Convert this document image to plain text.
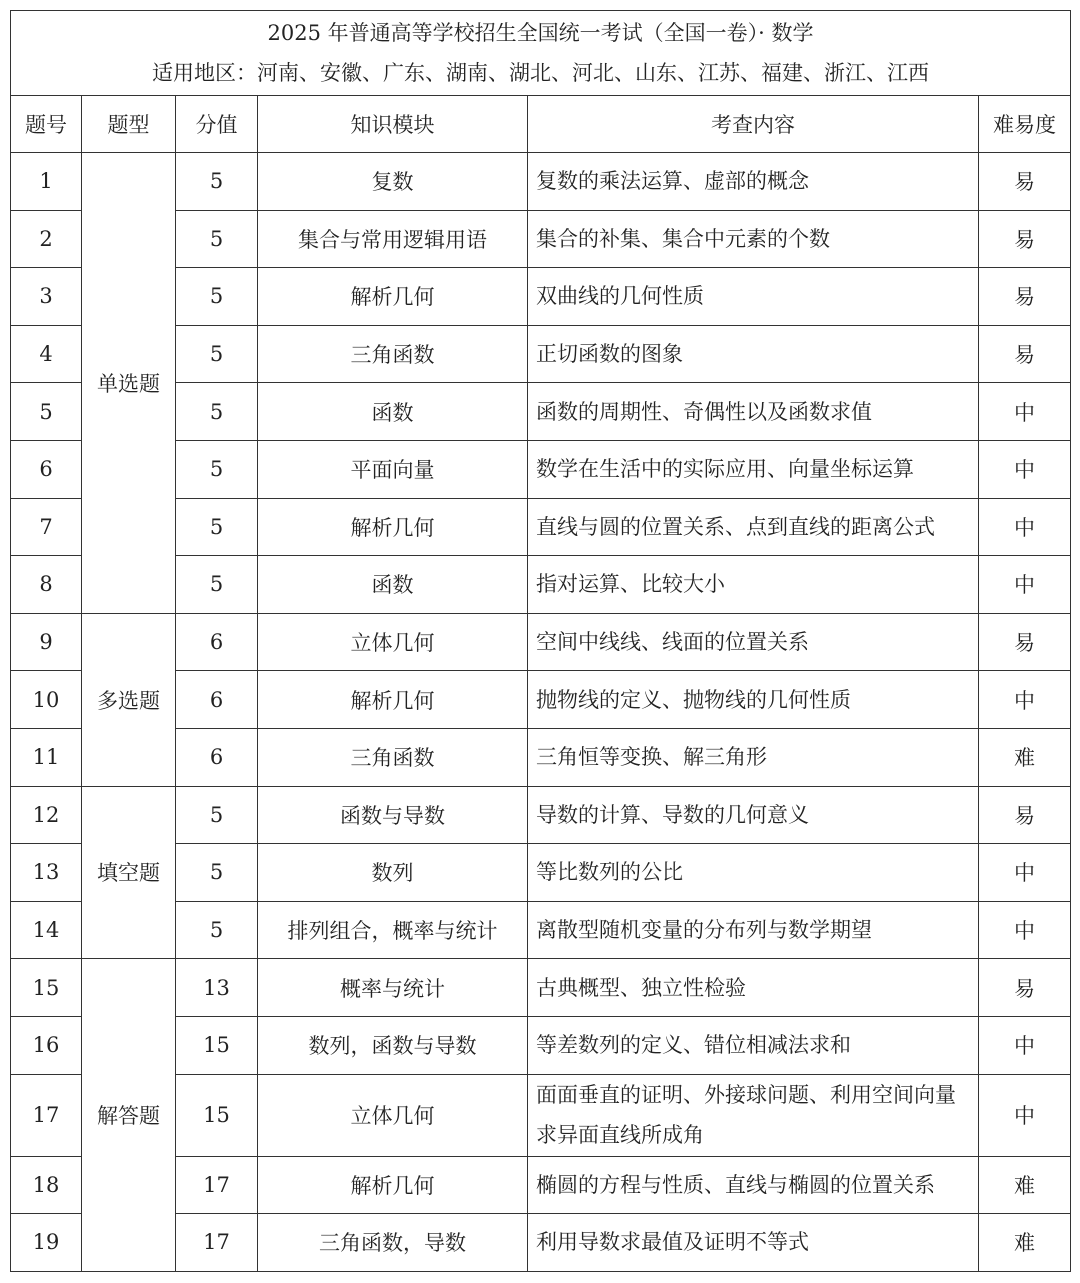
2025 年普通高等学校招生全国统一考试（全国一卷）· 数学
适用地区：河南、安徽、广东、湖南、湖北、河北、山东、江苏、福建、浙江、江西					

题号	题型	分值	知识模块	考查内容	难易度
1	单选题	5	复数	复数的乘法运算、虚部的概念	易
2		5	集合与常用逻辑用语	集合的补集、集合中元素的个数	易
3		5	解析几何	双曲线的几何性质	易
4		5	三角函数	正切函数的图象	易
5		5	函数	函数的周期性、奇偶性以及函数求值	中
6		5	平面向量	数学在生活中的实际应用、向量坐标运算	中
7		5	解析几何	直线与圆的位置关系、点到直线的距离公式	中
8		5	函数	指对运算、比较大小	中
9	多选题	6	立体几何	空间中线线、线面的位置关系	易
10		6	解析几何	抛物线的定义、抛物线的几何性质	中
11		6	三角函数	三角恒等变换、解三角形	难
12	填空题	5	函数与导数	导数的计算、导数的几何意义	易
13		5	数列	等比数列的公比	中
14		5	排列组合，概率与统计	离散型随机变量的分布列与数学期望	中
15	解答题	13	概率与统计	古典概型、独立性检验	易
16		15	数列，函数与导数	等差数列的定义、错位相减法求和	中
17		15	立体几何	面面垂直的证明、外接球问题、利用空间向量求异面直线所成角	中
18		17	解析几何	椭圆的方程与性质、直线与椭圆的位置关系	难
19		17	三角函数，导数	利用导数求最值及证明不等式	难
